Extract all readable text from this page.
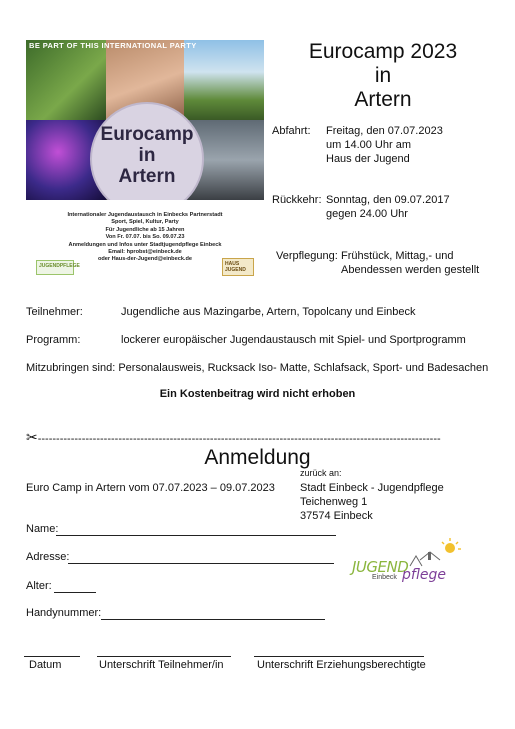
BE PART OF THIS INTERNATIONAL PARTY
Eurocamp
in
Artern
Internationaler Jugendaustausch in Einbecks Partnerstadt
Sport, Spiel, Kultur, Party
Für Jugendliche ab 15 Jahren
Von Fr. 07.07. bis So. 09.07.23
Anmeldungen und Infos unter Stadtjugendpflege Einbeck
Email: hprobst@einbeck.de
oder Haus-der-Jugend@einbeck.de
JUGENDPFLEGE	HAUS JUGEND
Eurocamp 2023
in
Artern
Abfahrt: Freitag, den 07.07.2023
um 14.00 Uhr am
Haus der Jugend
Rückkehr: Sonntag, den 09.07.2017
gegen 24.00 Uhr
Verpflegung: Frühstück, Mittag,- und
Abendessen werden gestellt
Teilnehmer:	Jugendliche aus Mazingarbe, Artern, Topolcany und Einbeck
Programm:	lockerer europäischer Jugendaustausch mit Spiel- und Sportprogramm
Mitzubringen sind: Personalausweis, Rucksack Iso- Matte, Schlafsack, Sport- und Badesachen
Ein Kostenbeitrag wird nicht erhoben
✂--------------------------------------------------------------------------------------------------------------
Anmeldung
zurück an:
Euro Camp in Artern vom 07.07.2023 – 09.07.2023 Stadt Einbeck - Jugendpflege
Teichenweg 1
37574 Einbeck
Name:
Adresse:
Alter:
Handynummer:
JUGEND
pflege
Einbeck
Datum	Unterschrift Teilnehmer/in	Unterschrift Erziehungsberechtigte
